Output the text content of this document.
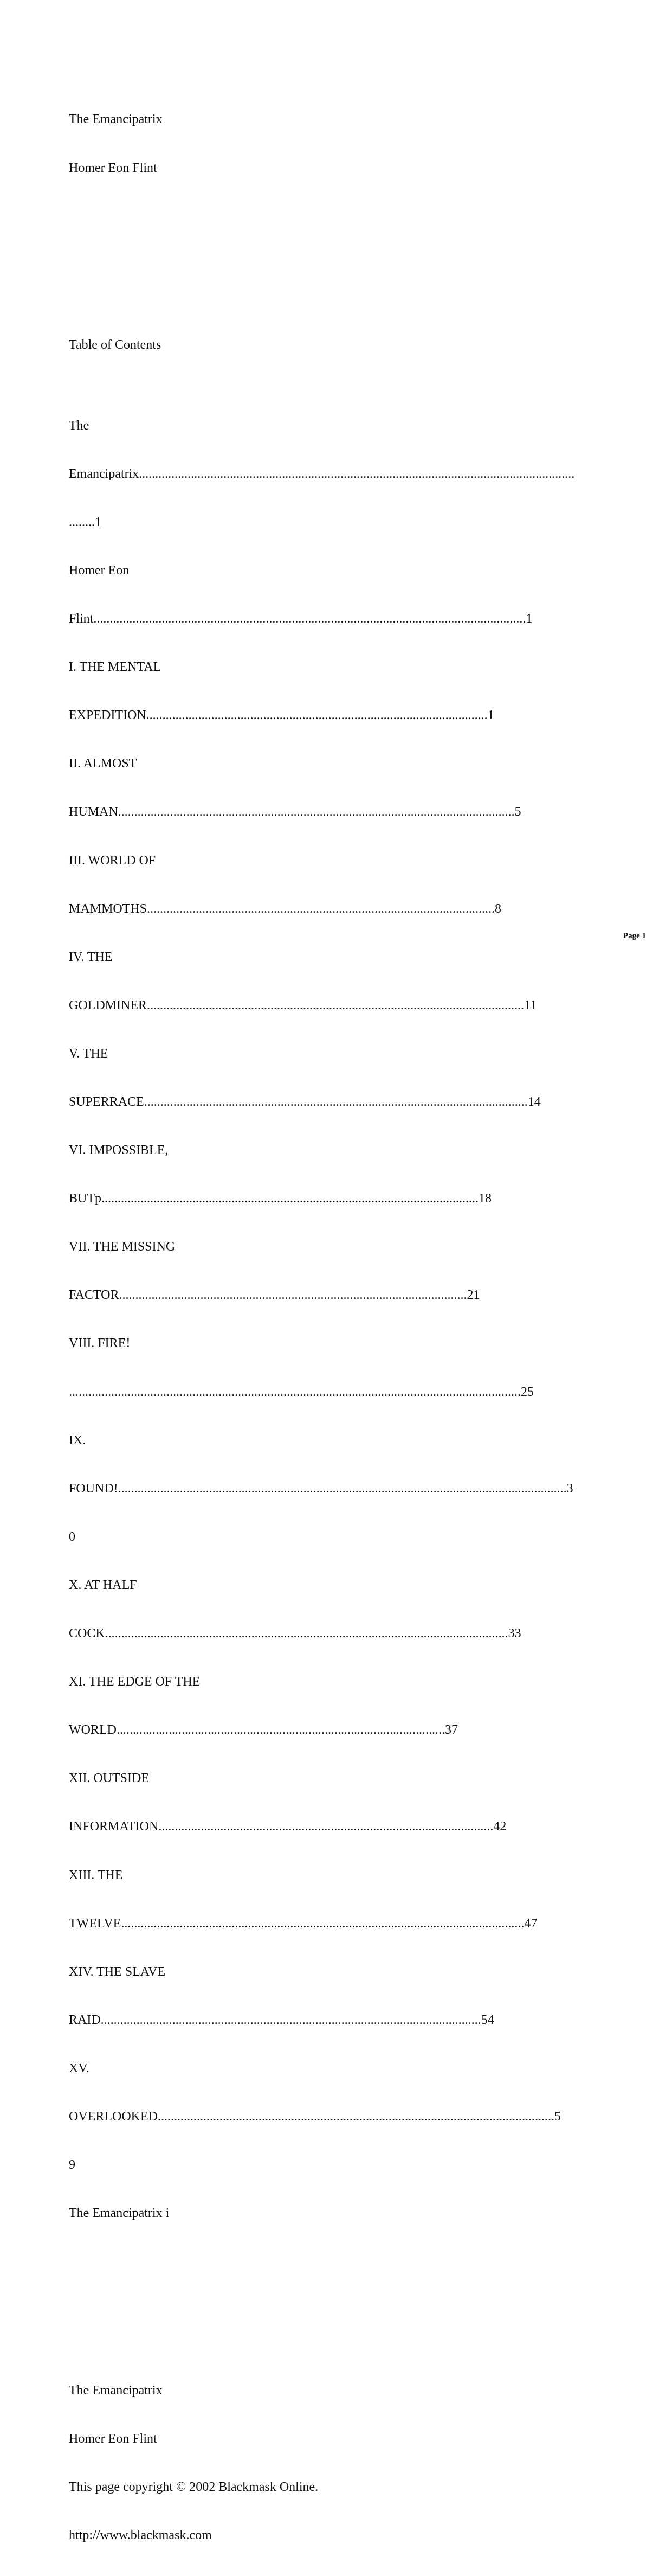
The Emancipatrix

Homer Eon Flint

Table of Contents

The

Emancipatrix......................................................................................................................................

........1

Homer Eon

Flint.....................................................................................................................................1

I. THE MENTAL

EXPEDITION.........................................................................................................1

II. ALMOST

HUMAN..........................................................................................................................5

III. WORLD OF

MAMMOTHS...........................................................................................................8

IV. THE

GOLDMINER....................................................................................................................11

V. THE

SUPERRACE......................................................................................................................14

VI. IMPOSSIBLE,

BUTp....................................................................................................................18

VII. THE MISSING

FACTOR...........................................................................................................21

VIII. FIRE!

...........................................................................................................................................25

IX.

FOUND!..........................................................................................................................................3

0

X. AT HALF

COCK............................................................................................................................33

XI. THE EDGE OF THE

WORLD.....................................................................................................37

XII. OUTSIDE

INFORMATION.......................................................................................................42

XIII. THE

TWELVE............................................................................................................................47

XIV. THE SLAVE

RAID.....................................................................................................................54

XV.

OVERLOOKED..........................................................................................................................5

9

The Emancipatrix i

The Emancipatrix

Homer Eon Flint

This page copyright © 2002 Blackmask Online.

http://www.blackmask.com

Page 1
